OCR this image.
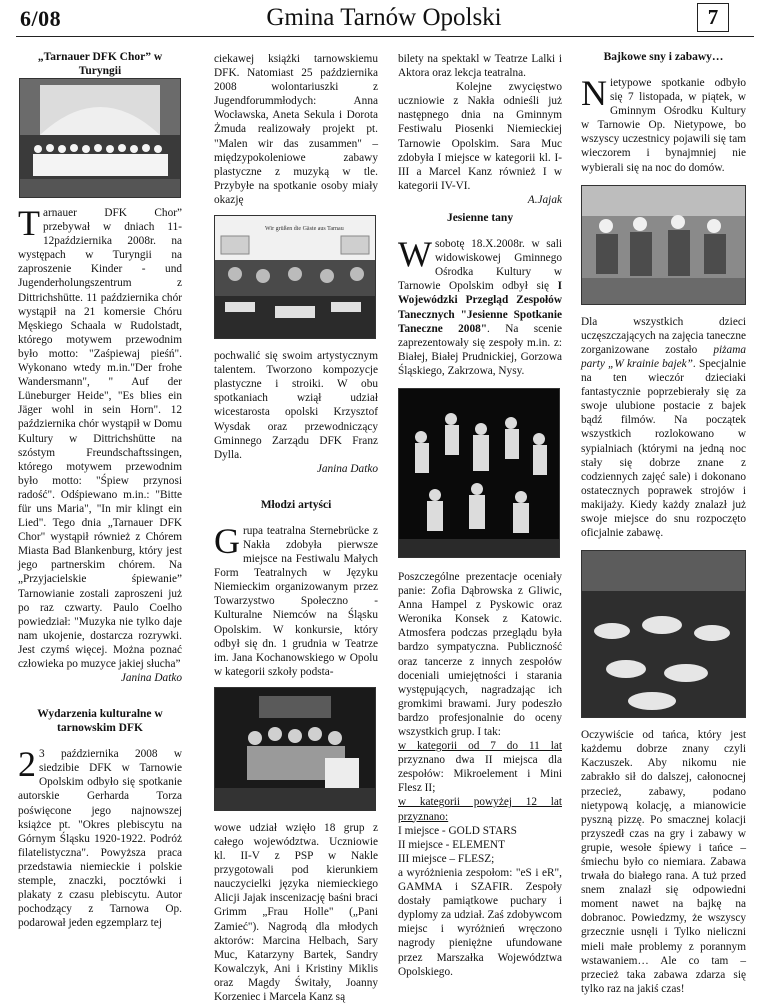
6/08	Gmina Tarnów Opolski	7

„Tarnauer DFK Chor” w Turyngii

Tarnauer DFK Chor” przebywał w dniach 11-12października 2008r. na występach w Turyngii na zaproszenie Kinder - und Jugenderholungszentrum z Dittrichshütte. 11 października chór wystąpił na 21 komersie Chóru Męskiego Schaala w Rudolstadt, którego motywem przewodnim było motto: "Zaśpiewaj pieśń". Wykonano wtedy m.in."Der frohe Wandersmann", " Auf der Lüneburger Heide", "Es blies ein Jäger wohl in sein Horn". 12 października chór wystąpił w Domu Kultury w Dittrichshütte na szóstym Freundschaftssingen, którego motywem przewodnim było motto: "Śpiew przynosi radość". Odśpiewano m.in.: "Bitte für uns Maria", "In mir klingt ein Lied". Tego dnia „Tarnauer DFK Chor" wystąpił również z Chórem Miasta Bad Blankenburg, który jest jego partnerskim chórem. Na „Przyjacielskie śpiewanie” Tarnowianie zostali zaproszeni już po raz czwarty. Paulo Coelho powiedział: "Muzyka nie tylko daje nam ukojenie, dostarcza rozrywki. Jest czymś więcej. Można poznać człowieka po muzyce jakiej słucha”

Janina Datko

Wydarzenia kulturalne w tarnowskim DFK

2 3 października 2008 w siedzibie DFK w Tarnowie Opolskim odbyło się spotkanie autorskie Gerharda Torza poświęcone jego najnowszej książce pt. "Okres plebiscytu na Górnym Śląsku 1920-1922. Podróż filatelistyczna". Powyższa praca przedstawia niemieckie i polskie stemple, znaczki, pocztówki i plakaty z czasu plebiscytu. Autor pochodzący z Tarnowa Op. podarował jeden egzemplarz tej

ciekawej książki tarnowskiemu DFK. Natomiast 25 października 2008 wolontariuszki z Jugendforummłodych: Anna Wocławska, Aneta Sekula i Dorota Żmuda realizowały projekt pt. "Malen wir das zusammen" – międzypokoleniowe zabawy plastyczne z muzyką w tle. Przybyłe na spotkanie osoby miały okazję

Wir grüßen die Gäste aus Tarnau

pochwalić się swoim artystycznym talentem. Tworzono kompozycje plastyczne i stroiki. W obu spotkaniach wziął udział wicestarosta opolski Krzysztof Wysdak oraz przewodniczący Gminnego Zarządu DFK Franz Dylla.

Janina Datko

Młodzi artyści

Grupa teatralna Sternebrücke z Nakła zdobyła pierwsze miejsce na Festiwalu Małych Form Teatralnych w Języku Niemieckim organizowanym przez Towarzystwo Społeczno - Kulturalne Niemców na Śląsku Opolskim. W konkursie, który odbył się dn. 1 grudnia w Teatrze im. Jana Kochanowskiego w Opolu w kategorii szkoły podsta-

wowe udział wzięło 18 grup z całego województwa. Uczniowie kl. II-V z PSP w Nakle przygotowali pod kierunkiem nauczycielki języka niemieckiego Alicji Jajak inscenizację baśni braci Grimm „Frau Holle" („Pani Zamieć"). Nagrodą dla młodych aktorów: Marcina Helbach, Sary Muc, Katarzyny Bartek, Sandry Kowalczyk, Ani i Kristiny Miklis oraz Magdy Świtały, Joanny Korzeniec i Marcela Kanz są

bilety na spektakl w Teatrze Lalki i Aktora oraz lekcja teatralna.

Kolejne zwycięstwo uczniowie z Nakła odnieśli już następnego dnia na Gminnym Festiwalu Piosenki Niemieckiej Tarnowie Opolskim. Sara Muc zdobyła I miejsce w kategorii kl. I-III a Marcel Kanz również I w kategorii IV-VI.

A.Jajak

Jesienne tany

Wsobotę 18.X.2008r. w sali widowiskowej Gminnego Ośrodka Kultury w Tarnowie Opolskim odbył się I Wojewódzki Przegląd Zespołów Tanecznych "Jesienne Spotkanie Taneczne 2008". Na scenie zaprezentowały się zespoły m.in. z: Białej, Białej Prudnickiej, Gorzowa Śląskiego, Zakrzowa, Nysy.

Poszczególne prezentacje oceniały panie: Zofia Dąbrowska z Gliwic, Anna Hampel z Pyskowic oraz Weronika Konsek z Katowic. Atmosfera podczas przeglądu była bardzo sympatyczna. Publiczność oraz tancerze z innych zespołów doceniali umiejętności i starania występujących, nagradzając ich gromkimi brawami. Jury podeszło bardzo profesjonalnie do oceny wszystkich grup. I tak:

w kategorii od 7 do 11 lat przyznano dwa II miejsca dla zespołów: Mikroelement i Mini Flesz II;

w kategorii powyżej 12 lat przyznano:

I miejsce - GOLD STARS

II miejsce - ELEMENT

III miejsce – FLESZ;

a wyróżnienia zespołom: "eS i eR", GAMMA i SZAFIR. Zespoły dostały pamiątkowe puchary i dyplomy za udział. Zaś zdobywcom miejsc i wyróżnień wręczono nagrody pieniężne ufundowane przez Marszałka Województwa Opolskiego.

Bajkowe sny i zabawy…

Nietypowe spotkanie odbyło się 7 listopada, w piątek, w Gminnym Ośrodku Kultury w Tarnowie Op. Nietypowe, bo wszyscy uczestnicy pojawili się tam wieczorem i bynajmniej nie wybierali się na noc do domów.

Dla wszystkich dzieci uczęszczających na zajęcia taneczne zorganizowane zostało piżama party „W krainie bajek”. Specjalnie na ten wieczór dzieciaki fantastycznie poprzebierały się za swoje ulubione postacie z bajek bądź filmów. Na początek wszystkich rozlokowano w sypialniach (którymi na jedną noc stały się dobrze znane z codziennych zajęć sale) i dokonano ostatecznych poprawek strojów i makijaży. Kiedy każdy znalazł już swoje miejsce do snu rozpoczęto oficjalnie zabawę.

Oczywiście od tańca, który jest każdemu dobrze znany czyli Kaczuszek. Aby nikomu nie zabrakło sił do dalszej, całonocnej przecież, zabawy, podano nietypową kolację, a mianowicie pyszną pizzę. Po smacznej kolacji przyszedł czas na gry i zabawy w grupie, wesołe śpiewy i tańce – śmiechu było co niemiara. Zabawa trwała do białego rana. A tuż przed snem znalazł się odpowiedni moment nawet na bajkę na dobranoc. Powiedzmy, że wszyscy grzecznie usnęli i Tylko nieliczni mieli małe problemy z porannym wstawaniem… Ale co tam – przecież taka zabawa zdarza się tylko raz na jakiś czas!
